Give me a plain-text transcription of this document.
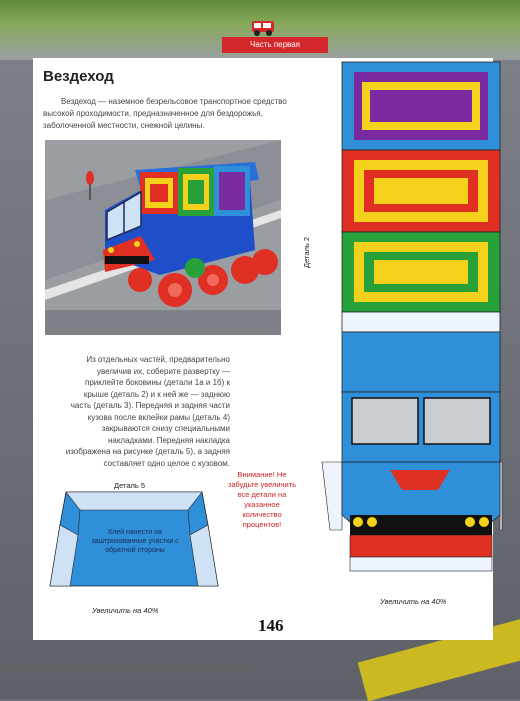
Часть первая
Вездеход
Вездеход — наземное безрельсовое транспортное средство высокой проходимости, предназначенное для бездорожья, заболоченной местности, снежной целины.
Из отдельных частей, предварительно увеличив их, соберите развертку — приклейте боковины (детали 1а и 1б) к крыше (деталь 2) и к ней же — заднюю часть (деталь 3). Передняя и задняя части кузова после вклейки рамы (деталь 4) закрываются снизу специальными накладками. Передняя накладка изображена на рисунке (деталь 5), а задняя составляет одно целое с кузовом.
Деталь 5
Клей нанести на заштрихованные участки с обратной стороны
Увеличить на 40%
Внимание! Не забудьте увеличить все детали на указанное количество процентов!
Деталь 2
Увеличить на 40%
146
